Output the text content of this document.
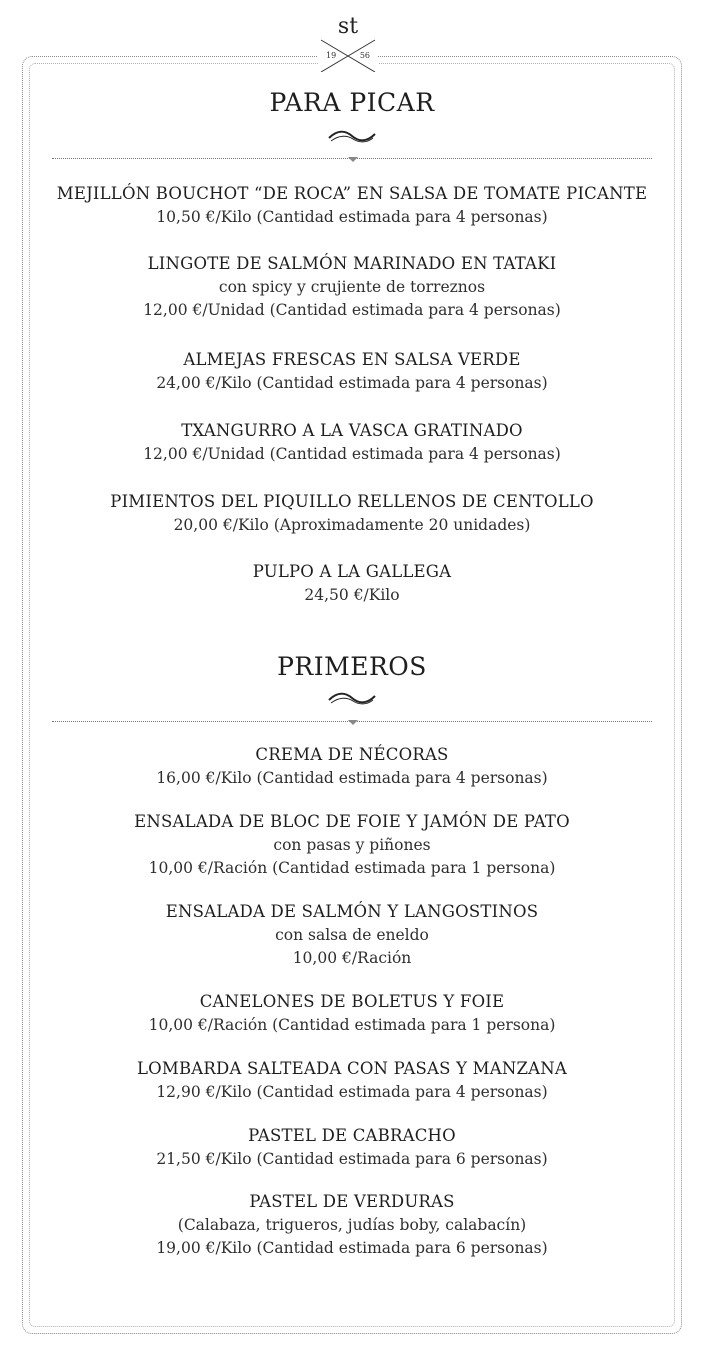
st
19	56
PARA PICAR
MEJILLÓN BOUCHOT “DE ROCA” EN SALSA DE TOMATE PICANTE
10,50 €/Kilo (Cantidad estimada para 4 personas)
LINGOTE DE SALMÓN MARINADO EN TATAKI
con spicy y crujiente de torreznos
12,00 €/Unidad (Cantidad estimada para 4 personas)
ALMEJAS FRESCAS EN SALSA VERDE
24,00 €/Kilo (Cantidad estimada para 4 personas)
TXANGURRO A LA VASCA GRATINADO
12,00 €/Unidad (Cantidad estimada para 4 personas)
PIMIENTOS DEL PIQUILLO RELLENOS DE CENTOLLO
20,00 €/Kilo (Aproximadamente 20 unidades)
PULPO A LA GALLEGA
24,50 €/Kilo
PRIMEROS
CREMA DE NÉCORAS
16,00 €/Kilo (Cantidad estimada para 4 personas)
ENSALADA DE BLOC DE FOIE Y JAMÓN DE PATO
con pasas y piñones
10,00 €/Ración (Cantidad estimada para 1 persona)
ENSALADA DE SALMÓN Y LANGOSTINOS
con salsa de eneldo
10,00 €/Ración
CANELONES DE BOLETUS Y FOIE
10,00 €/Ración (Cantidad estimada para 1 persona)
LOMBARDA SALTEADA CON PASAS Y MANZANA
12,90 €/Kilo (Cantidad estimada para 4 personas)
PASTEL DE CABRACHO
21,50 €/Kilo (Cantidad estimada para 6 personas)
PASTEL DE VERDURAS
(Calabaza, trigueros, judías boby, calabacín)
19,00 €/Kilo (Cantidad estimada para 6 personas)
